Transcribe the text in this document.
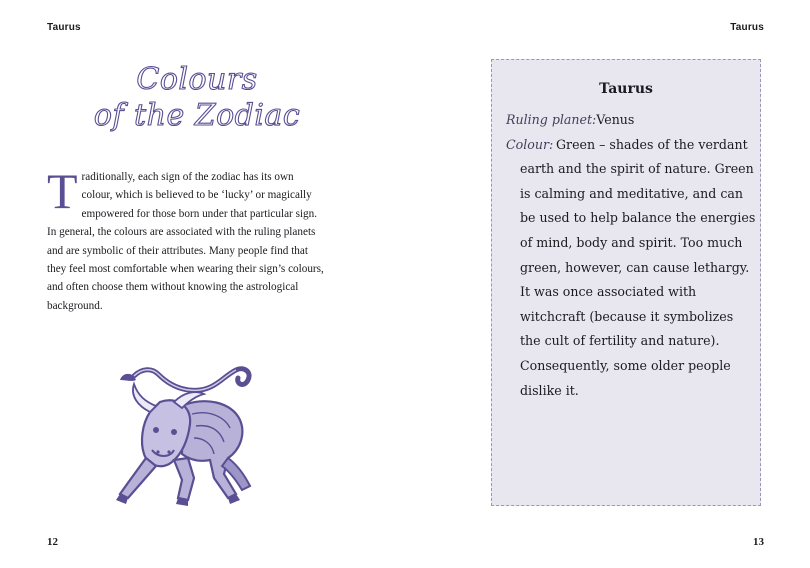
Taurus
Colours
of the Zodiac
T raditionally, each sign of the zodiac has its own colour, which is believed to be ‘lucky’ or magically empowered for those born under that particular sign. In general, the colours are associated with the ruling planets and are symbolic of their attributes. Many people find that they feel most comfortable when wearing their sign’s colours, and often choose them without knowing the astrological background.
12
Taurus
Taurus

Ruling planet:Venus

Colour: Green – shades of the verdant earth and the spirit of nature. Green is calming and meditative, and can be used to help balance the energies of mind, body and spirit. Too much green, however, can cause lethargy.

It was once associated with witchcraft (because it symbolizes the cult of fertility and nature). Consequently, some older people dislike it.

13
